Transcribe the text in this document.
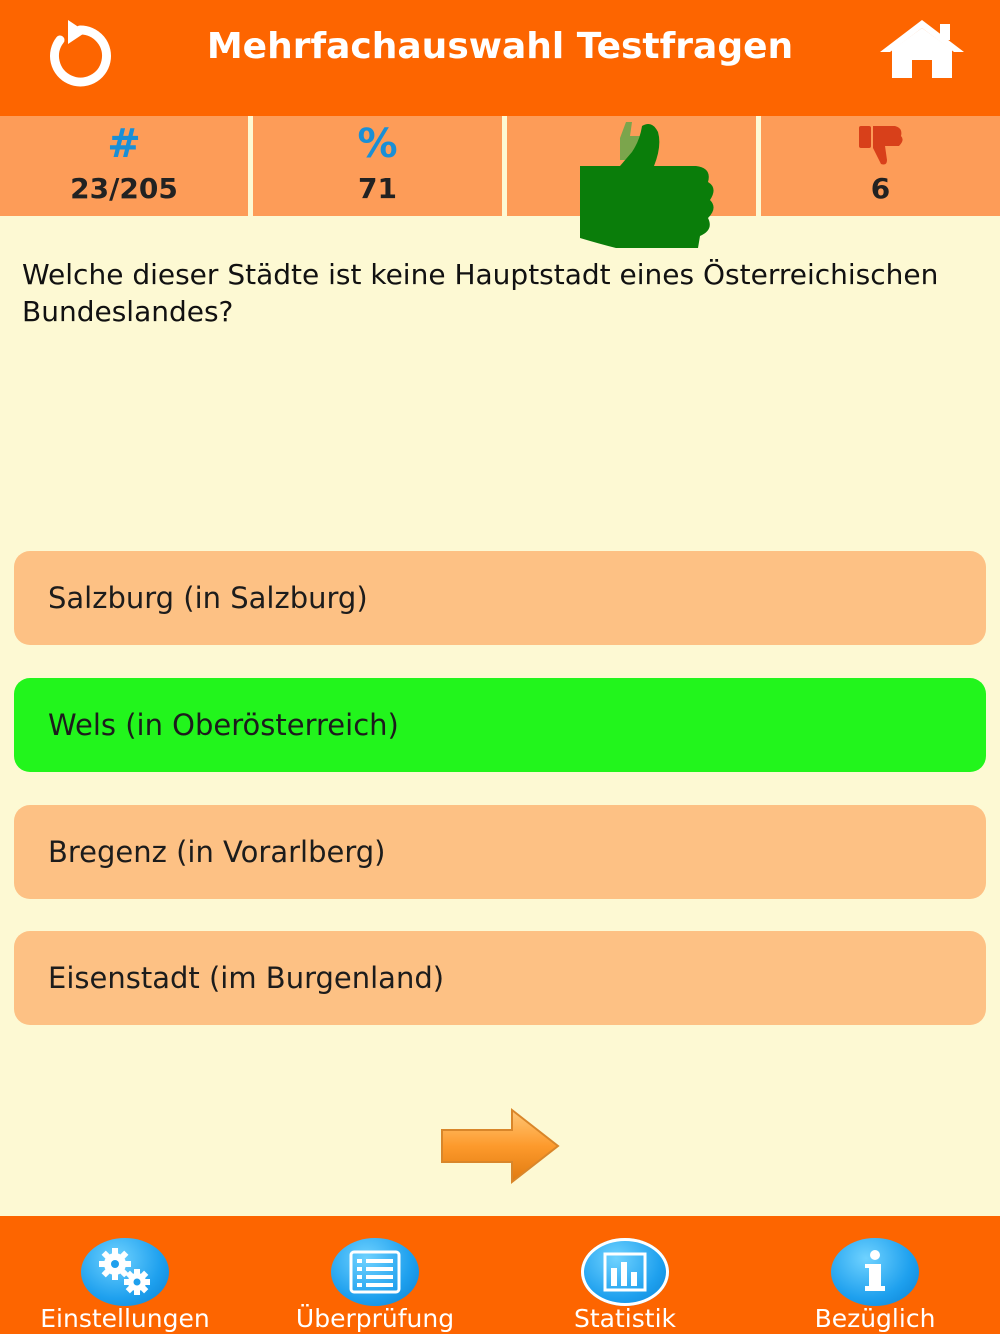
Mehrfachauswahl Testfragen
#
23/205
%
71	6
Welche dieser Städte ist keine Hauptstadt eines Österreichischen Bundeslandes?
Salzburg (in Salzburg)
Wels (in Oberösterreich)
Bregenz (in Vorarlberg)
Eisenstadt (im Burgenland)
Einstellungen	Überprüfung	Statistik	Bezüglich
